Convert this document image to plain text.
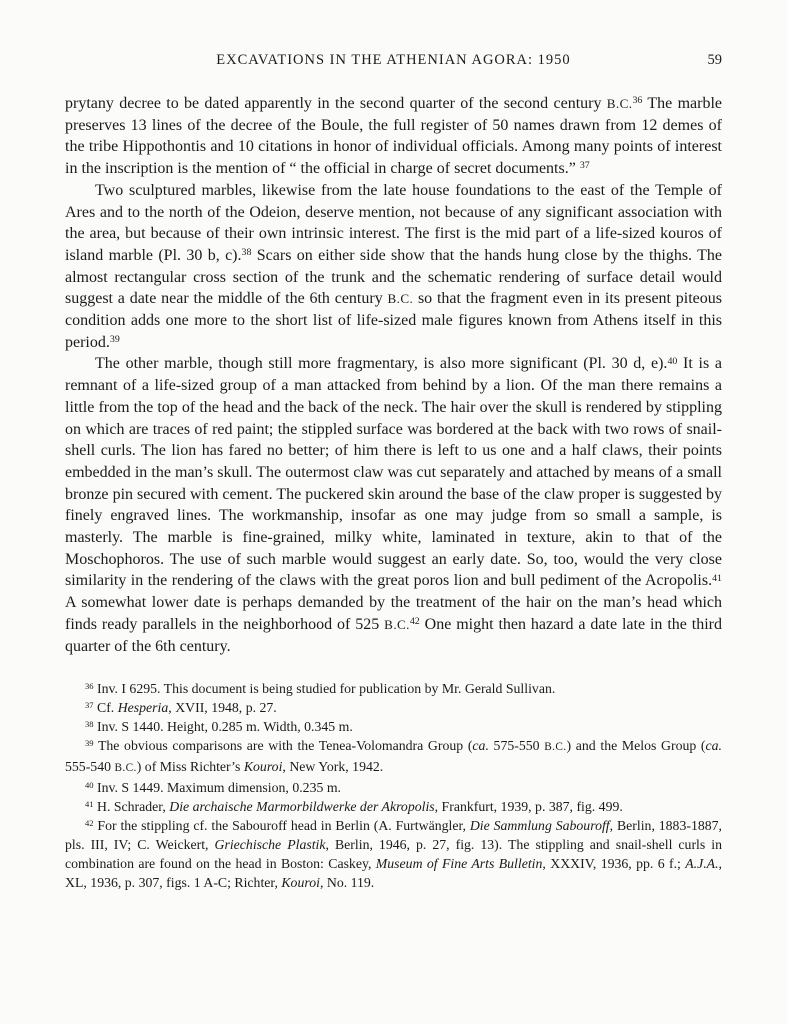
EXCAVATIONS IN THE ATHENIAN AGORA: 1950	59

prytany decree to be dated apparently in the second quarter of the second century B.C.$^{36}$ The marble preserves 13 lines of the decree of the Boule, the full register of 50 names drawn from 12 demes of the tribe Hippothontis and 10 citations in honor of individual officials. Among many points of interest in the inscription is the mention of “ the official in charge of secret documents.” $^{37}$

Two sculptured marbles, likewise from the late house foundations to the east of the Temple of Ares and to the north of the Odeion, deserve mention, not because of any significant association with the area, but because of their own intrinsic interest. The first is the mid part of a life-sized kouros of island marble (Pl. 30 b, c).$^{38}$ Scars on either side show that the hands hung close by the thighs. The almost rectangular cross section of the trunk and the schematic rendering of surface detail would suggest a date near the middle of the 6th century B.C. so that the fragment even in its present piteous condition adds one more to the short list of life-sized male figures known from Athens itself in this period.$^{39}$

The other marble, though still more fragmentary, is also more significant (Pl. 30 d, e).$^{40}$ It is a remnant of a life-sized group of a man attacked from behind by a lion. Of the man there remains a little from the top of the head and the back of the neck. The hair over the skull is rendered by stippling on which are traces of red paint; the stippled surface was bordered at the back with two rows of snail-shell curls. The lion has fared no better; of him there is left to us one and a half claws, their points embedded in the man’s skull. The outermost claw was cut separately and attached by means of a small bronze pin secured with cement. The puckered skin around the base of the claw proper is suggested by finely engraved lines. The workmanship, insofar as one may judge from so small a sample, is masterly. The marble is fine-grained, milky white, laminated in texture, akin to that of the Moschophoros. The use of such marble would suggest an early date. So, too, would the very close similarity in the rendering of the claws with the great poros lion and bull pediment of the Acropolis.$^{41}$ A somewhat lower date is perhaps demanded by the treatment of the hair on the man’s head which finds ready parallels in the neighborhood of 525 B.C.$^{42}$ One might then hazard a date late in the third quarter of the 6th century.

$^{36}$ Inv. I 6295. This document is being studied for publication by Mr. Gerald Sullivan.

$^{37}$ Cf. Hesperia, XVII, 1948, p. 27.

$^{38}$ Inv. S 1440. Height, 0.285 m. Width, 0.345 m.

$^{39}$ The obvious comparisons are with the Tenea-Volomandra Group (ca. 575-550 B.C.) and the Melos Group (ca. 555-540 B.C.) of Miss Richter’s Kouroi, New York, 1942.

$^{40}$ Inv. S 1449. Maximum dimension, 0.235 m.

$^{41}$ H. Schrader, Die archaische Marmorbildwerke der Akropolis, Frankfurt, 1939, p. 387, fig. 499.

$^{42}$ For the stippling cf. the Sabouroff head in Berlin (A. Furtwängler, Die Sammlung Sabouroff, Berlin, 1883-1887, pls. III, IV; C. Weickert, Griechische Plastik, Berlin, 1946, p. 27, fig. 13). The stippling and snail-shell curls in combination are found on the head in Boston: Caskey, Museum of Fine Arts Bulletin, XXXIV, 1936, pp. 6 f.; A.J.A., XL, 1936, p. 307, figs. 1 A-C; Richter, Kouroi, No. 119.
